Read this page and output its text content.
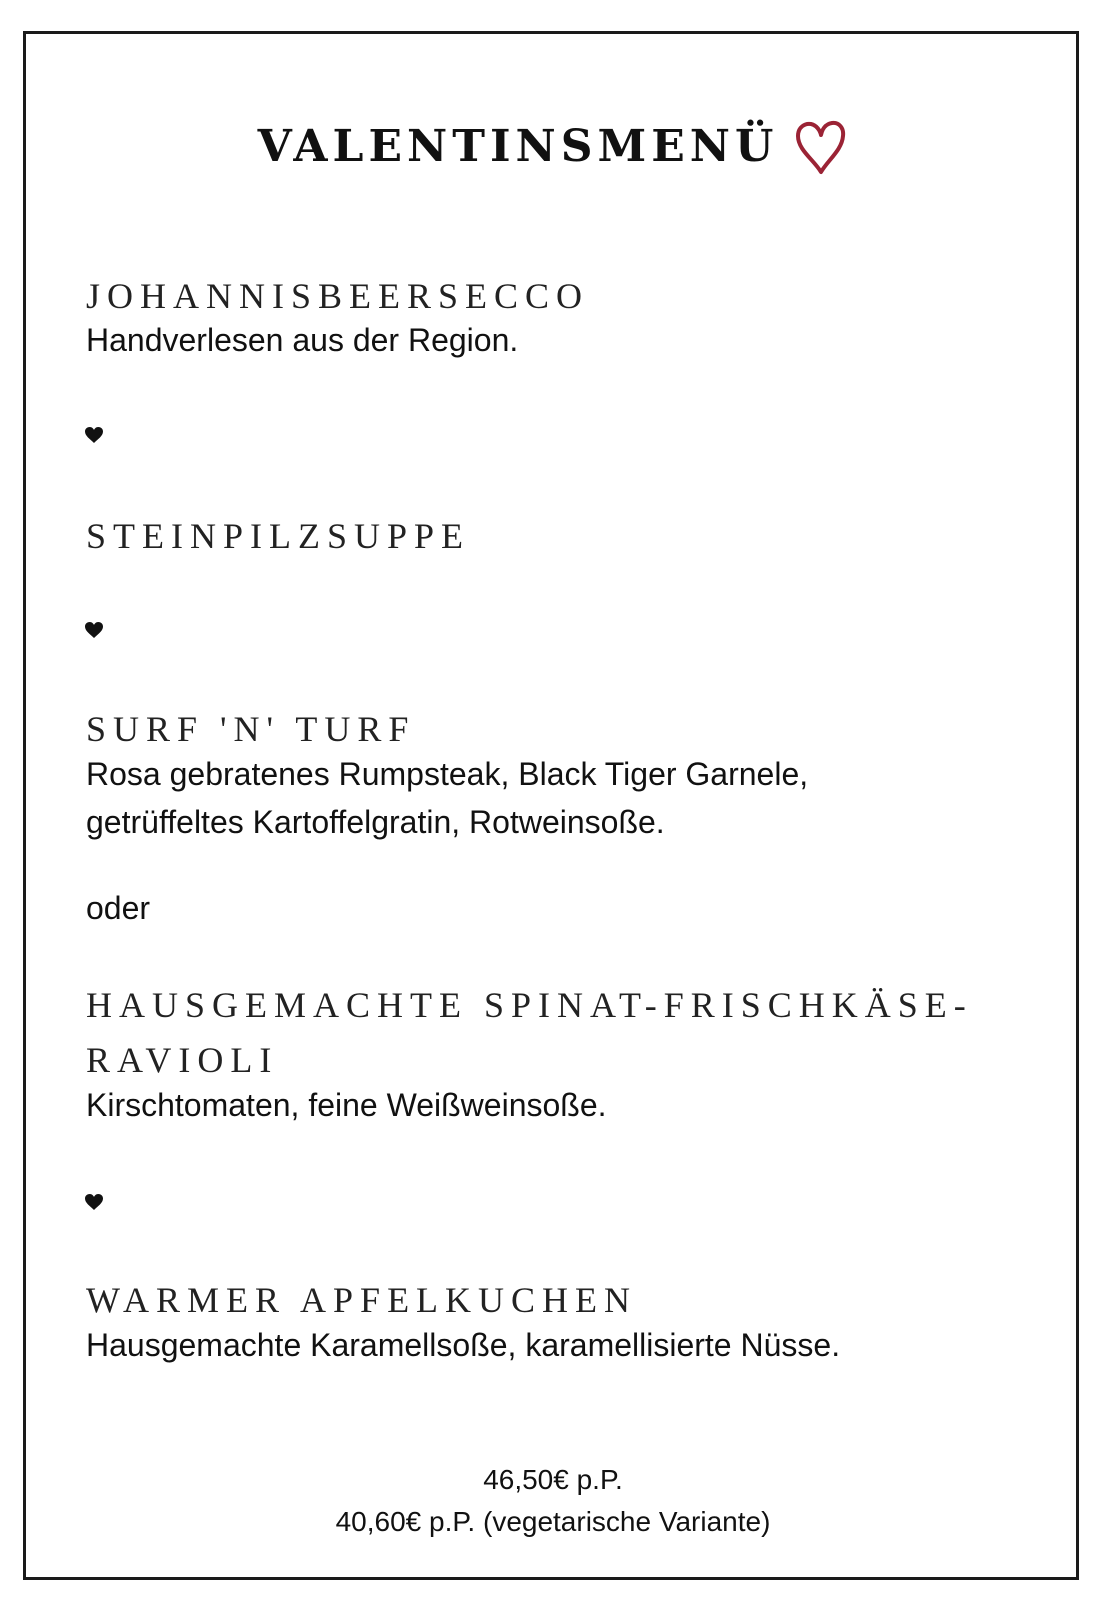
VALENTINSMENÜ
JOHANNISBEERSECCO
Handverlesen aus der Region.
STEINPILZSUPPE
SURF 'N' TURF
Rosa gebratenes Rumpsteak, Black Tiger Garnele,
getrüffeltes Kartoffelgratin, Rotweinsoße.
oder
HAUSGEMACHTE SPINAT-FRISCHKÄSE-
RAVIOLI
Kirschtomaten, feine Weißweinsoße.
WARMER APFELKUCHEN
Hausgemachte Karamellsoße, karamellisierte Nüsse.
46,50€ p.P.
40,60€ p.P. (vegetarische Variante)
